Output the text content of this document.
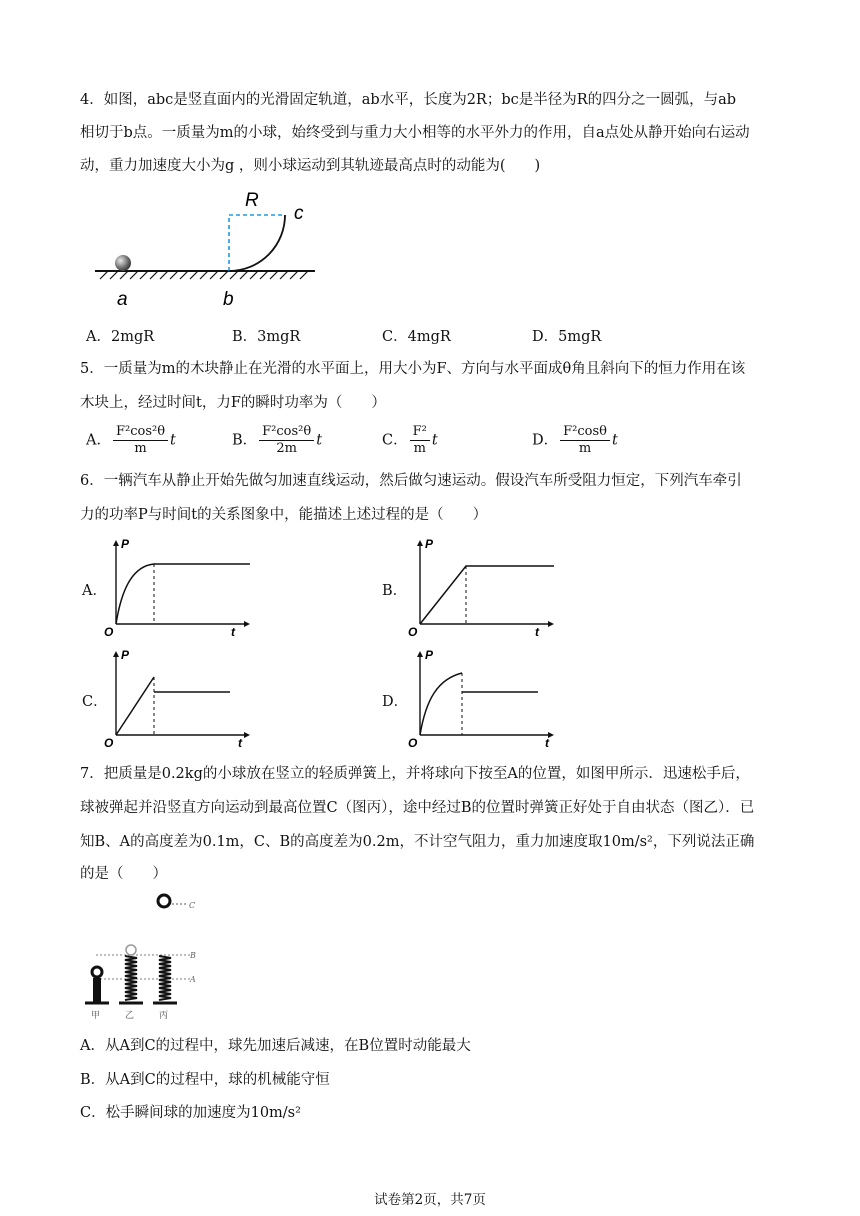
4．如图，abc是竖直面内的光滑固定轨道，ab水平，长度为2R；bc是半径为R的四分之一圆弧，与ab
相切于b点。一质量为m的小球，始终受到与重力大小相等的水平外力的作用，自a点处从静开始向右运动
动，重力加速度大小为g ，则小球运动到其轨迹最高点时的动能为(　　)
R
c
a	b
A．2mgR	B．3mgR	C．4mgR	D．5mgR
5．一质量为m的木块静止在光滑的水平面上，用大小为F、方向与水平面成θ角且斜向下的恒力作用在该
木块上，经过时间t，力F的瞬时功率为（　　）
A． $\frac{\text{F²cos²θ}}{m}$ t	B． $\frac{\text{F²cos²θ}}{2m}$ t	C． $\frac{\text{F²}}{m}$ t	D． $\frac{\text{F²cosθ}}{m}$ t
6．一辆汽车从静止开始先做匀加速直线运动，然后做匀速运动。假设汽车所受阻力恒定，下列汽车牵引
力的功率P与时间t的关系图象中，能描述上述过程的是（　　）
A．	B．
C．	D．
P
O	t
P
O	t
P
O	t
P
O	t
7．把质量是0.2kg的小球放在竖立的轻质弹簧上，并将球向下按至A的位置，如图甲所示．迅速松手后，
球被弹起并沿竖直方向运动到最高位置C（图丙），途中经过B的位置时弹簧正好处于自由状态（图乙）．已
知B、A的高度差为0.1m，C、B的高度差为0.2m，不计空气阻力，重力加速度取10m/s²，下列说法正确
的是（　　）
C
B
A
甲	乙	丙
A．从A到C的过程中，球先加速后减速，在B位置时动能最大
B．从A到C的过程中，球的机械能守恒
C．松手瞬间球的加速度为10m/s²
试卷第2页，共7页
